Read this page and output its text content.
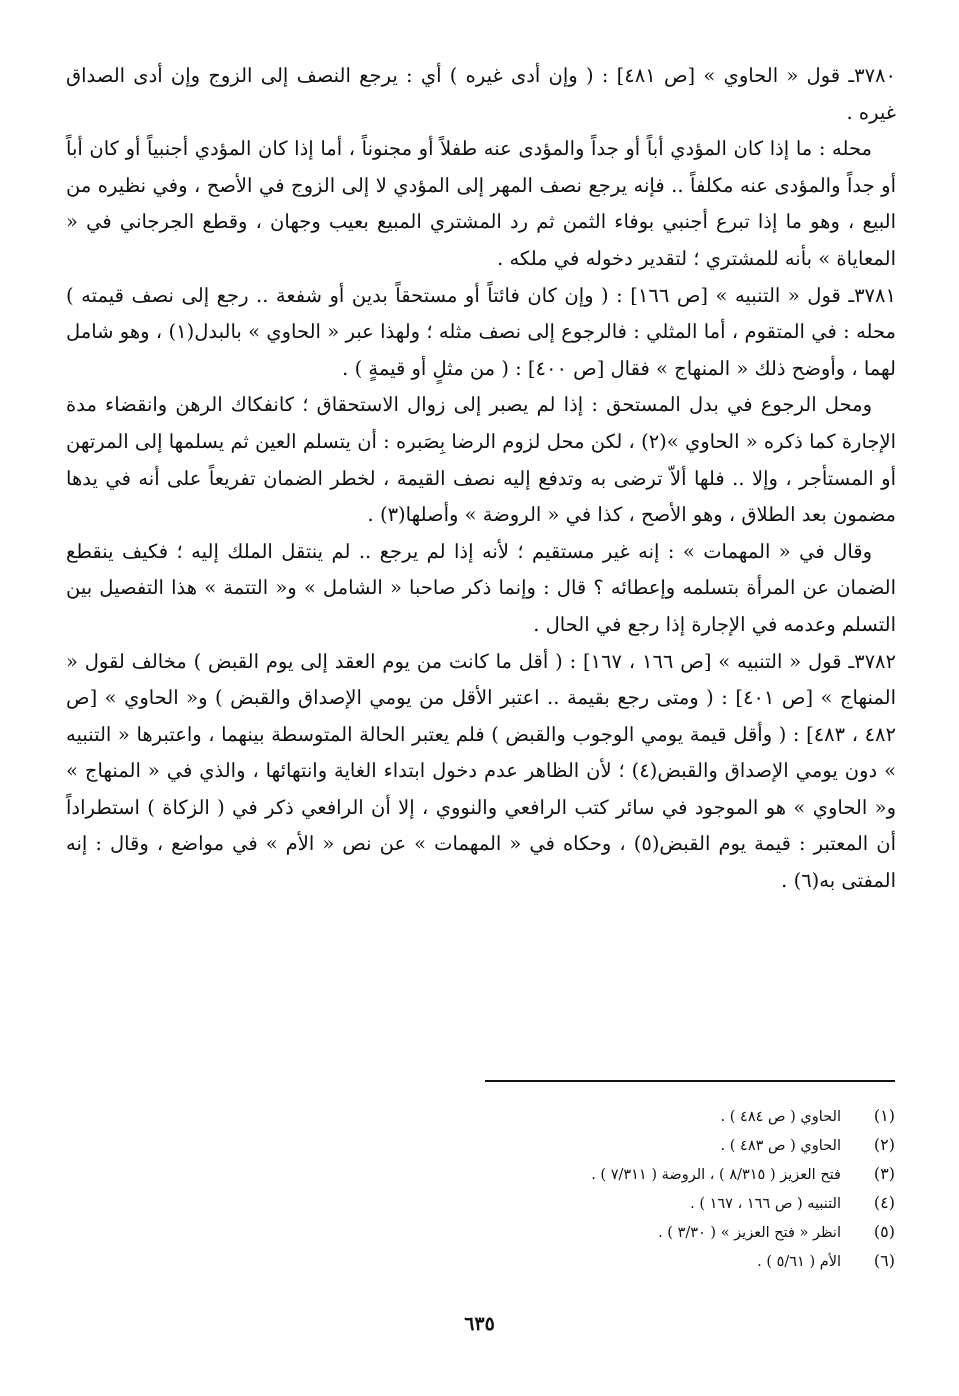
٣٧٨٠ـ قول « الحاوي » [ص ٤٨١] : ( وإن أدى غيره ) أي : يرجع النصف إلى الزوج وإن أدى الصداق غيره .

محله : ما إذا كان المؤدي أباً أو جداً والمؤدى عنه طفلاً أو مجنوناً ، أما إذا كان المؤدي أجنبياً أو كان أباً أو جداً والمؤدى عنه مكلفاً .. فإنه يرجع نصف المهر إلى المؤدي لا إلى الزوج في الأصح ، وفي نظيره من البيع ، وهو ما إذا تبرع أجنبي بوفاء الثمن ثم رد المشتري المبيع بعيب وجهان ، وقطع الجرجاني في « المعاياة » بأنه للمشتري ؛ لتقدير دخوله في ملكه .

٣٧٨١ـ قول « التنبيه » [ص ١٦٦] : ( وإن كان فائتاً أو مستحقاً بدين أو شفعة .. رجع إلى نصف قيمته ) محله : في المتقوم ، أما المثلي : فالرجوع إلى نصف مثله ؛ ولهذا عبر « الحاوي » بالبدل(١) ، وهو شامل لهما ، وأوضح ذلك « المنهاج » فقال [ص ٤٠٠] : ( من مثلٍ أو قيمةٍ ) .

ومحل الرجوع في بدل المستحق : إذا لم يصبر إلى زوال الاستحقاق ؛ كانفكاك الرهن وانقضاء مدة الإجارة كما ذكره « الحاوي »(٢) ، لكن محل لزوم الرضا بِصَبره : أن يتسلم العين ثم يسلمها إلى المرتهن أو المستأجر ، وإلا .. فلها ألاّ ترضى به وتدفع إليه نصف القيمة ، لخطر الضمان تفريعاً على أنه في يدها مضمون بعد الطلاق ، وهو الأصح ، كذا في « الروضة » وأصلها(٣) .

وقال في « المهمات » : إنه غير مستقيم ؛ لأنه إذا لم يرجع .. لم ينتقل الملك إليه ؛ فكيف ينقطع الضمان عن المرأة بتسلمه وإعطائه ؟ قال : وإنما ذكر صاحبا « الشامل » و« التتمة » هذا التفصيل بين التسلم وعدمه في الإجارة إذا رجع في الحال .

٣٧٨٢ـ قول « التنبيه » [ص ١٦٦ ، ١٦٧] : ( أقل ما كانت من يوم العقد إلى يوم القبض ) مخالف لقول « المنهاج » [ص ٤٠١] : ( ومتى رجع بقيمة .. اعتبر الأقل من يومي الإصداق والقبض ) و« الحاوي » [ص ٤٨٢ ، ٤٨٣] : ( وأقل قيمة يومي الوجوب والقبض ) فلم يعتبر الحالة المتوسطة بينهما ، واعتبرها « التنبيه » دون يومي الإصداق والقبض(٤) ؛ لأن الظاهر عدم دخول ابتداء الغاية وانتهائها ، والذي في « المنهاج » و« الحاوي » هو الموجود في سائر كتب الرافعي والنووي ، إلا أن الرافعي ذكر في ( الزكاة ) استطراداً أن المعتبر : قيمة يوم القبض(٥) ، وحكاه في « المهمات » عن نص « الأم » في مواضع ، وقال : إنه المفتى به(٦) .

(١)الحاوي ( ص ٤٨٤ ) .
(٢)الحاوي ( ص ٤٨٣ ) .
(٣)فتح العزيز ( ٨/٣١٥ ) ، الروضة ( ٧/٣١١ ) .
(٤)التنبيه ( ص ١٦٦ ، ١٦٧ ) .
(٥)انظر « فتح العزيز » ( ٣/٣٠ ) .
(٦)الأم ( ٥/٦١ ) .
٦٣٥
